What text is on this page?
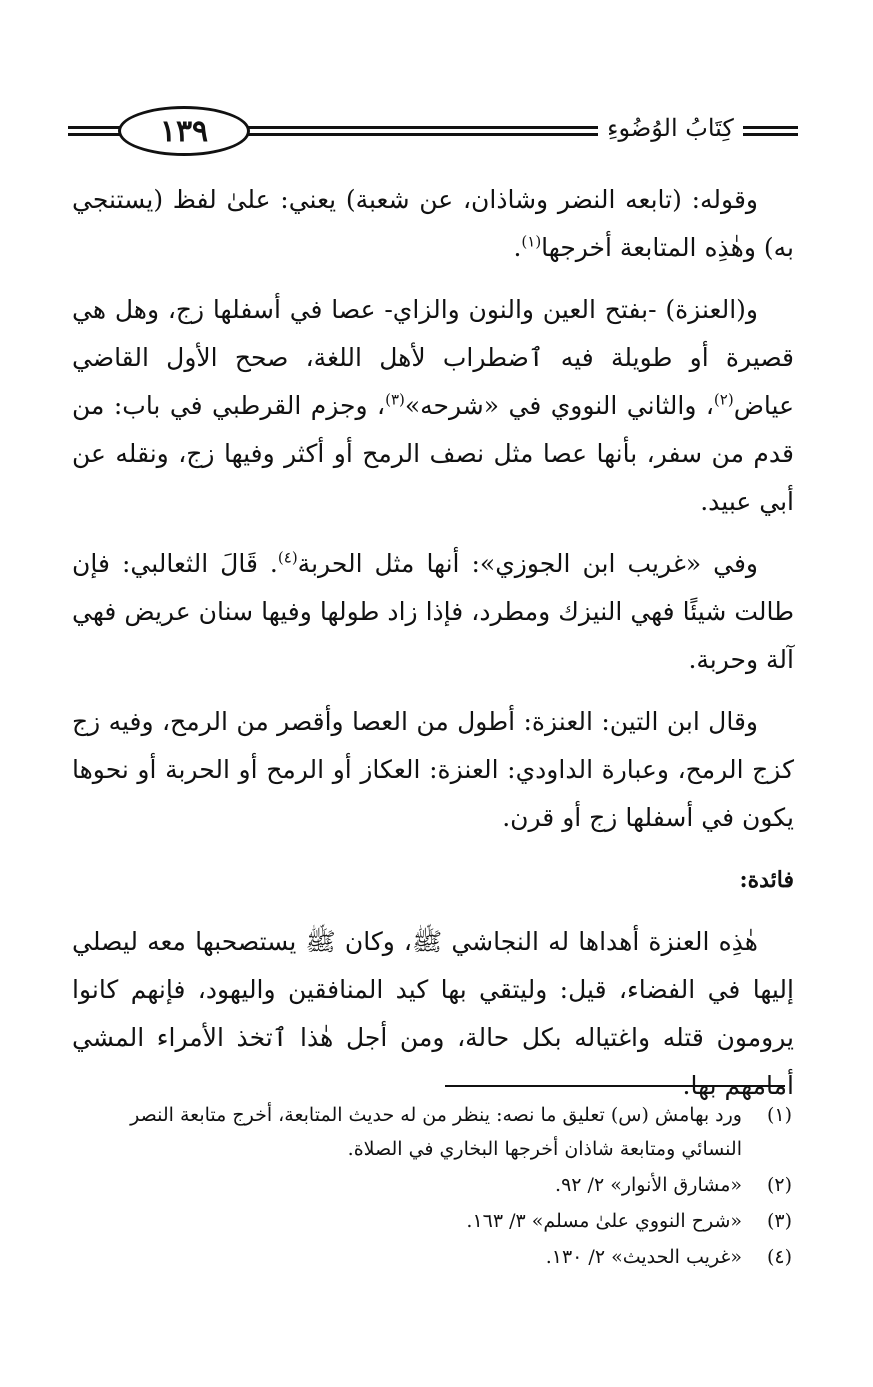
١٣٩	كِتَابُ الوُضُوءِ

وقوله: (تابعه النضر وشاذان، عن شعبة) يعني: علىٰ لفظ (يستنجي به) وهٰذِه المتابعة أخرجها$^{(١)}$.

و(العنزة) -بفتح العين والنون والزاي- عصا في أسفلها زج، وهل هي قصيرة أو طويلة فيه ٱضطراب لأهل اللغة، صحح الأول القاضي عياض$^{(٢)}$، والثاني النووي في «شرحه»$^{(٣)}$، وجزم القرطبي في باب: من قدم من سفر، بأنها عصا مثل نصف الرمح أو أكثر وفيها زج، ونقله عن أبي عبيد.

وفي «غريب ابن الجوزي»: أنها مثل الحربة$^{(٤)}$. قَالَ الثعالبي: فإن طالت شيئًا فهي النيزك ومطرد، فإذا زاد طولها وفيها سنان عريض فهي آلة وحربة.

وقال ابن التين: العنزة: أطول من العصا وأقصر من الرمح، وفيه زج كزج الرمح، وعبارة الداودي: العنزة: العكاز أو الرمح أو الحربة أو نحوها يكون في أسفلها زج أو قرن.

فائدة:

هٰذِه العنزة أهداها له النجاشي ﷺ، وكان ﷺ يستصحبها معه ليصلي إليها في الفضاء، قيل: وليتقي بها كيد المنافقين واليهود، فإنهم كانوا يرومون قتله واغتياله بكل حالة، ومن أجل هٰذا ٱتخذ الأمراء المشي أمامهم بها.

(١)
ورد بهامش (س) تعليق ما نصه: ينظر من له حديث المتابعة، أخرج متابعة النصر النسائي ومتابعة شاذان أخرجها البخاري في الصلاة.
(٢)
«مشارق الأنوار» ٢/ ٩٢.
(٣)
«شرح النووي علىٰ مسلم» ٣/ ١٦٣.
(٤)
«غريب الحديث» ٢/ ١٣٠.
